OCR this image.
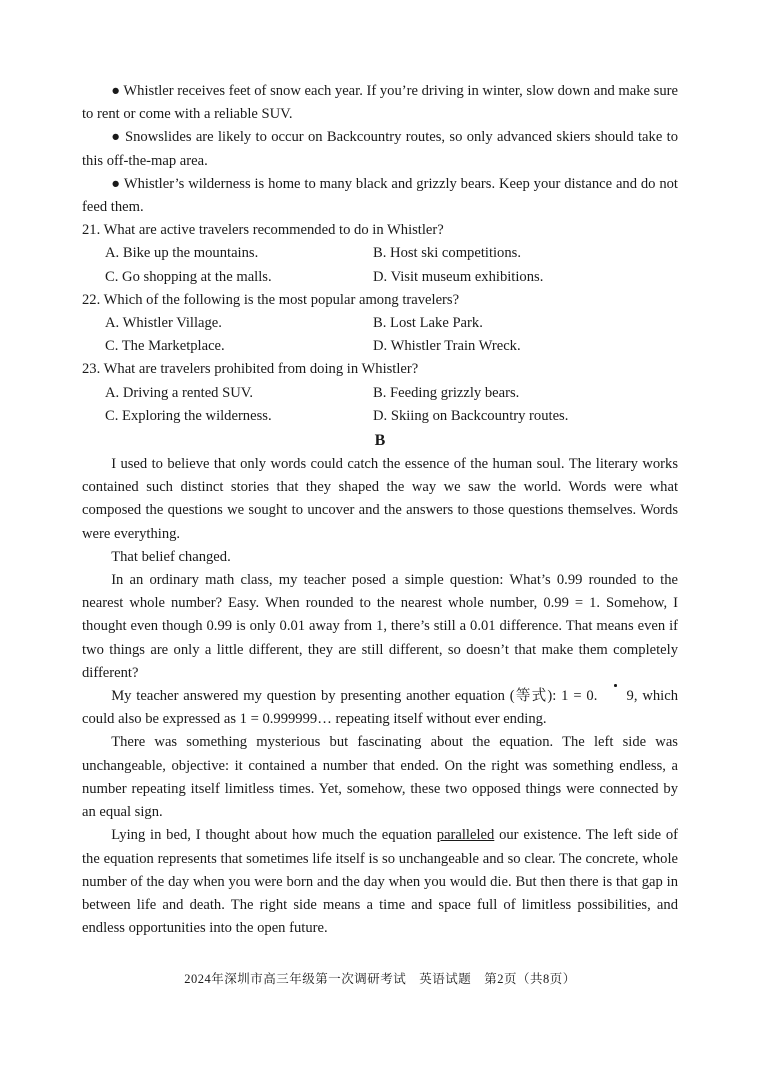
● Whistler receives feet of snow each year. If you’re driving in winter, slow down and make sure to rent or come with a reliable SUV.

● Snowslides are likely to occur on Backcountry routes, so only advanced skiers should take to this off-the-map area.

● Whistler’s wilderness is home to many black and grizzly bears. Keep your distance and do not feed them.

21. What are active travelers recommended to do in Whistler?

A. Bike up the mountains.	B. Host ski competitions.

C. Go shopping at the malls.	D. Visit museum exhibitions.

22. Which of the following is the most popular among travelers?

A. Whistler Village.	B. Lost Lake Park.

C. The Marketplace.	D. Whistler Train Wreck.

23. What are travelers prohibited from doing in Whistler?

A. Driving a rented SUV.	B. Feeding grizzly bears.

C. Exploring the wilderness.	D. Skiing on Backcountry routes.

B

I used to believe that only words could catch the essence of the human soul. The literary works contained such distinct stories that they shaped the way we saw the world. Words were what composed the questions we sought to uncover and the answers to those questions themselves. Words were everything.

That belief changed.

In an ordinary math class, my teacher posed a simple question: What’s 0.99 rounded to the nearest whole number? Easy. When rounded to the nearest whole number, 0.99 = 1. Somehow, I thought even though 0.99 is only 0.01 away from 1, there’s still a 0.01 difference. That means even if two things are only a little different, they are still different, so doesn’t that make them completely different?

My teacher answered my question by presenting another equation (等式): 1 = 0. 9, which could also be expressed as 1 = 0.999999… repeating itself without ever ending.

There was something mysterious but fascinating about the equation. The left side was unchangeable, objective: it contained a number that ended. On the right was something endless, a number repeating itself limitless times. Yet, somehow, these two opposed things were connected by an equal sign.

Lying in bed, I thought about how much the equation paralleled our existence. The left side of the equation represents that sometimes life itself is so unchangeable and so clear. The concrete, whole number of the day when you were born and the day when you would die. But then there is that gap in between life and death. The right side means a time and space full of limitless possibilities, and endless opportunities into the open future.

2024年深圳市高三年级第一次调研考试　英语试题　第2页（共8页）
